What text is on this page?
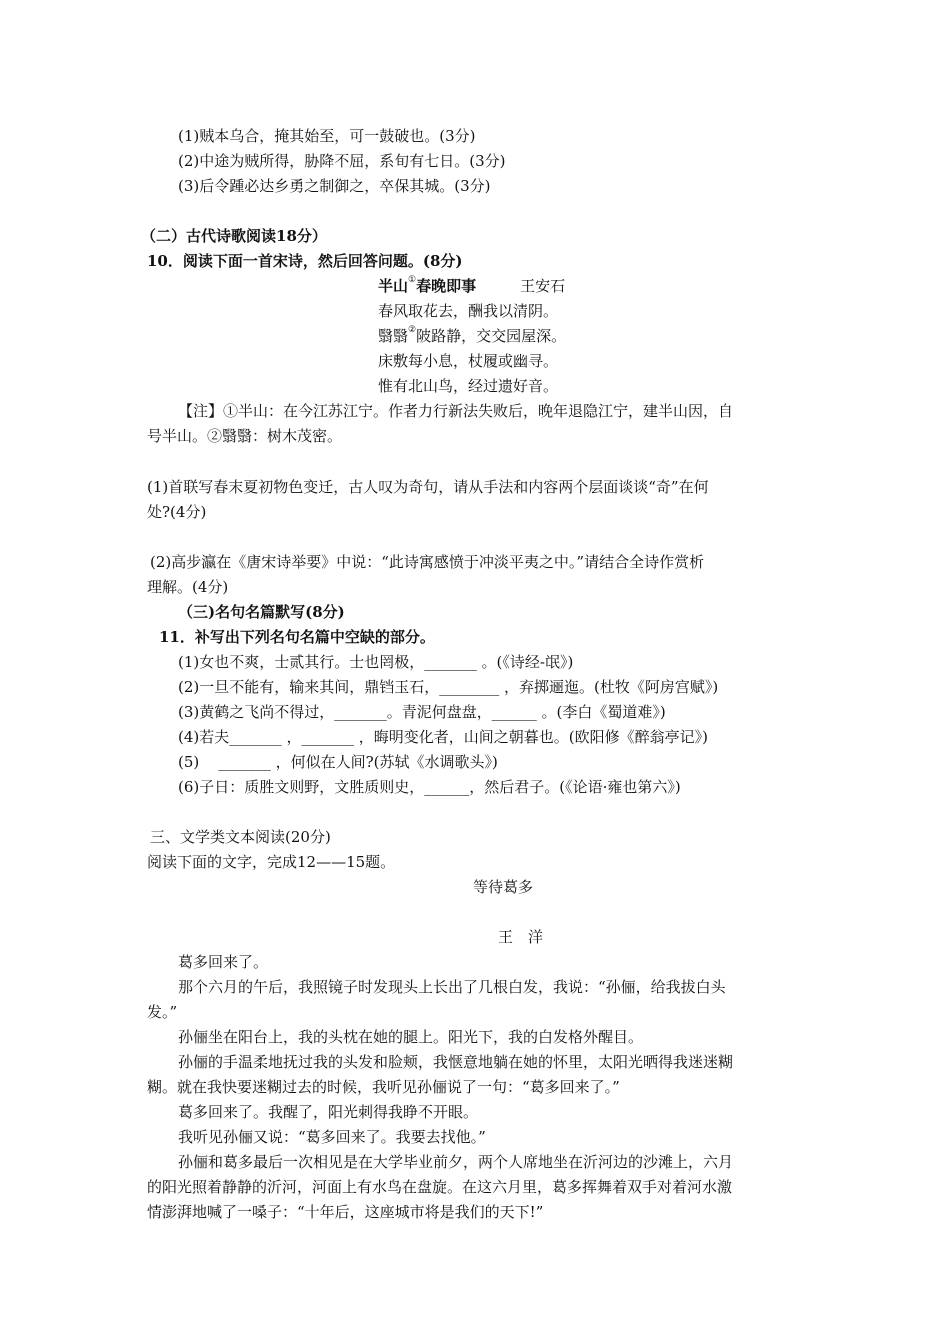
(1)贼本乌合，掩其始至，可一鼓破也。(3分)
(2)中途为贼所得，胁降不屈，系旬有七日。(3分)
(3)后令踵必达乡勇之制御之，卒保其城。(3分)
（二）古代诗歌阅读18分）
10．阅读下面一首宋诗，然后回答问题。(8分)
半山①春晚即事	王安石
春风取花去，酬我以清阴。
翳翳②陂路静，交交园屋深。
床敷每小息，杖履或幽寻。
惟有北山鸟，经过遗好音。
【注】①半山：在今江苏江宁。作者力行新法失败后，晚年退隐江宁，建半山因，自
号半山。②翳翳：树木茂密。
(1)首联写春末夏初物色变迁，古人叹为奇句，请从手法和内容两个层面谈谈“奇”在何
处?(4分)
(2)高步瀛在《唐宋诗举要》中说：“此诗寓感愤于冲淡平夷之中。”请结合全诗作赏析
理解。(4分)
（三)名句名篇默写(8分)
11．补写出下列名句名篇中空缺的部分。
(1)女也不爽，士贰其行。士也罔极，_______ 。(《诗经-氓》)
(2)一旦不能有，输来其间，鼎铛玉石，________ ，弃掷逦迤。(杜牧《阿房宫赋》)
(3)黄鹤之飞尚不得过，_______。青泥何盘盘，______ 。(李白《蜀道难》)
(4)若夫_______ ，_______ ，晦明变化者，山间之朝暮也。(欧阳修《醉翁亭记》)
(5)    _______ ，何似在人间?(苏轼《水调歌头》)
(6)子日：质胜文则野，文胜质则史，______，然后君子。(《论语·雍也第六》)
三、文学类文本阅读(20分)
阅读下面的文字，完成12——15题。
等待葛多
王　洋
葛多回来了。
那个六月的午后，我照镜子时发现头上长出了几根白发，我说：“孙俪，给我拔白头
发。”
孙俪坐在阳台上，我的头枕在她的腿上。阳光下，我的白发格外醒目。
孙俪的手温柔地抚过我的头发和脸颊，我惬意地躺在她的怀里，太阳光晒得我迷迷糊
糊。就在我快要迷糊过去的时候，我听见孙俪说了一句：“葛多回来了。”
葛多回来了。我醒了，阳光刺得我睁不开眼。
我听见孙俪又说：“葛多回来了。我要去找他。”
孙俪和葛多最后一次相见是在大学毕业前夕，两个人席地坐在沂河边的沙滩上，六月
的阳光照着静静的沂河，河面上有水鸟在盘旋。在这六月里，葛多挥舞着双手对着河水激
情澎湃地喊了一嗓子：“十年后，这座城市将是我们的天下!”
